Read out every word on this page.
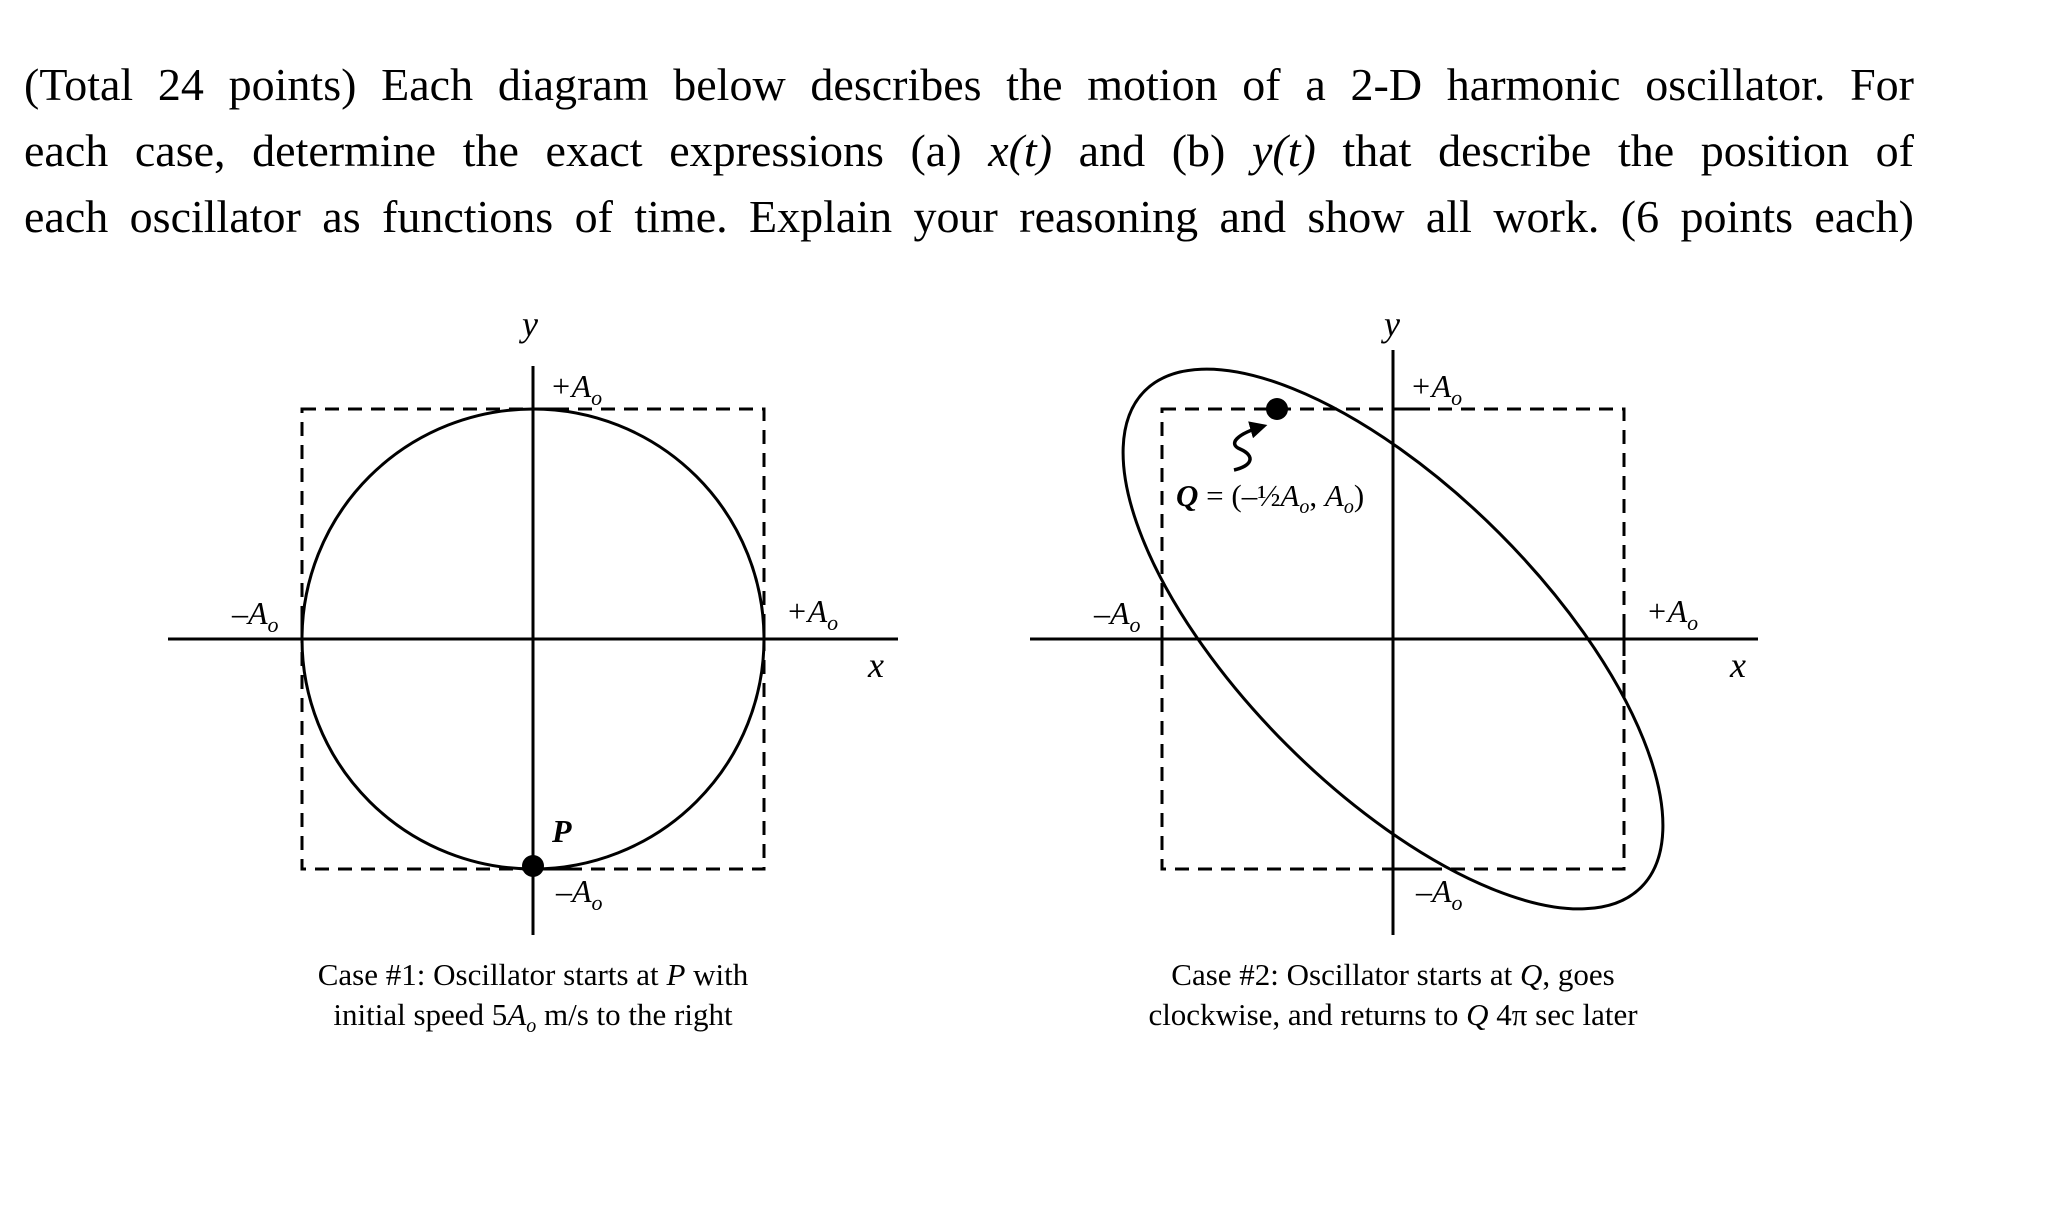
(Total 24 points) Each diagram below describes the motion of a 2-D harmonic oscillator. For
each case, determine the exact expressions (a) x(t) and (b) y(t) that describe the position of
each oscillator as functions of time. Explain your reasoning and show all work. (6 points each)
P
y
x
$+A_o$
$-A_o$
$-A_o$	$+A_o$
$Q = (-\frac{1}{2}A_o$, $A_o$)
y
x
$+A_o$
$-A_o$
$-A_o$	$+A_o$
Case #1: Oscillator starts at P with
initial speed $5A_o$ m/s to the right
Case #2: Oscillator starts at Q, goes
clockwise, and returns to Q 4π sec later
